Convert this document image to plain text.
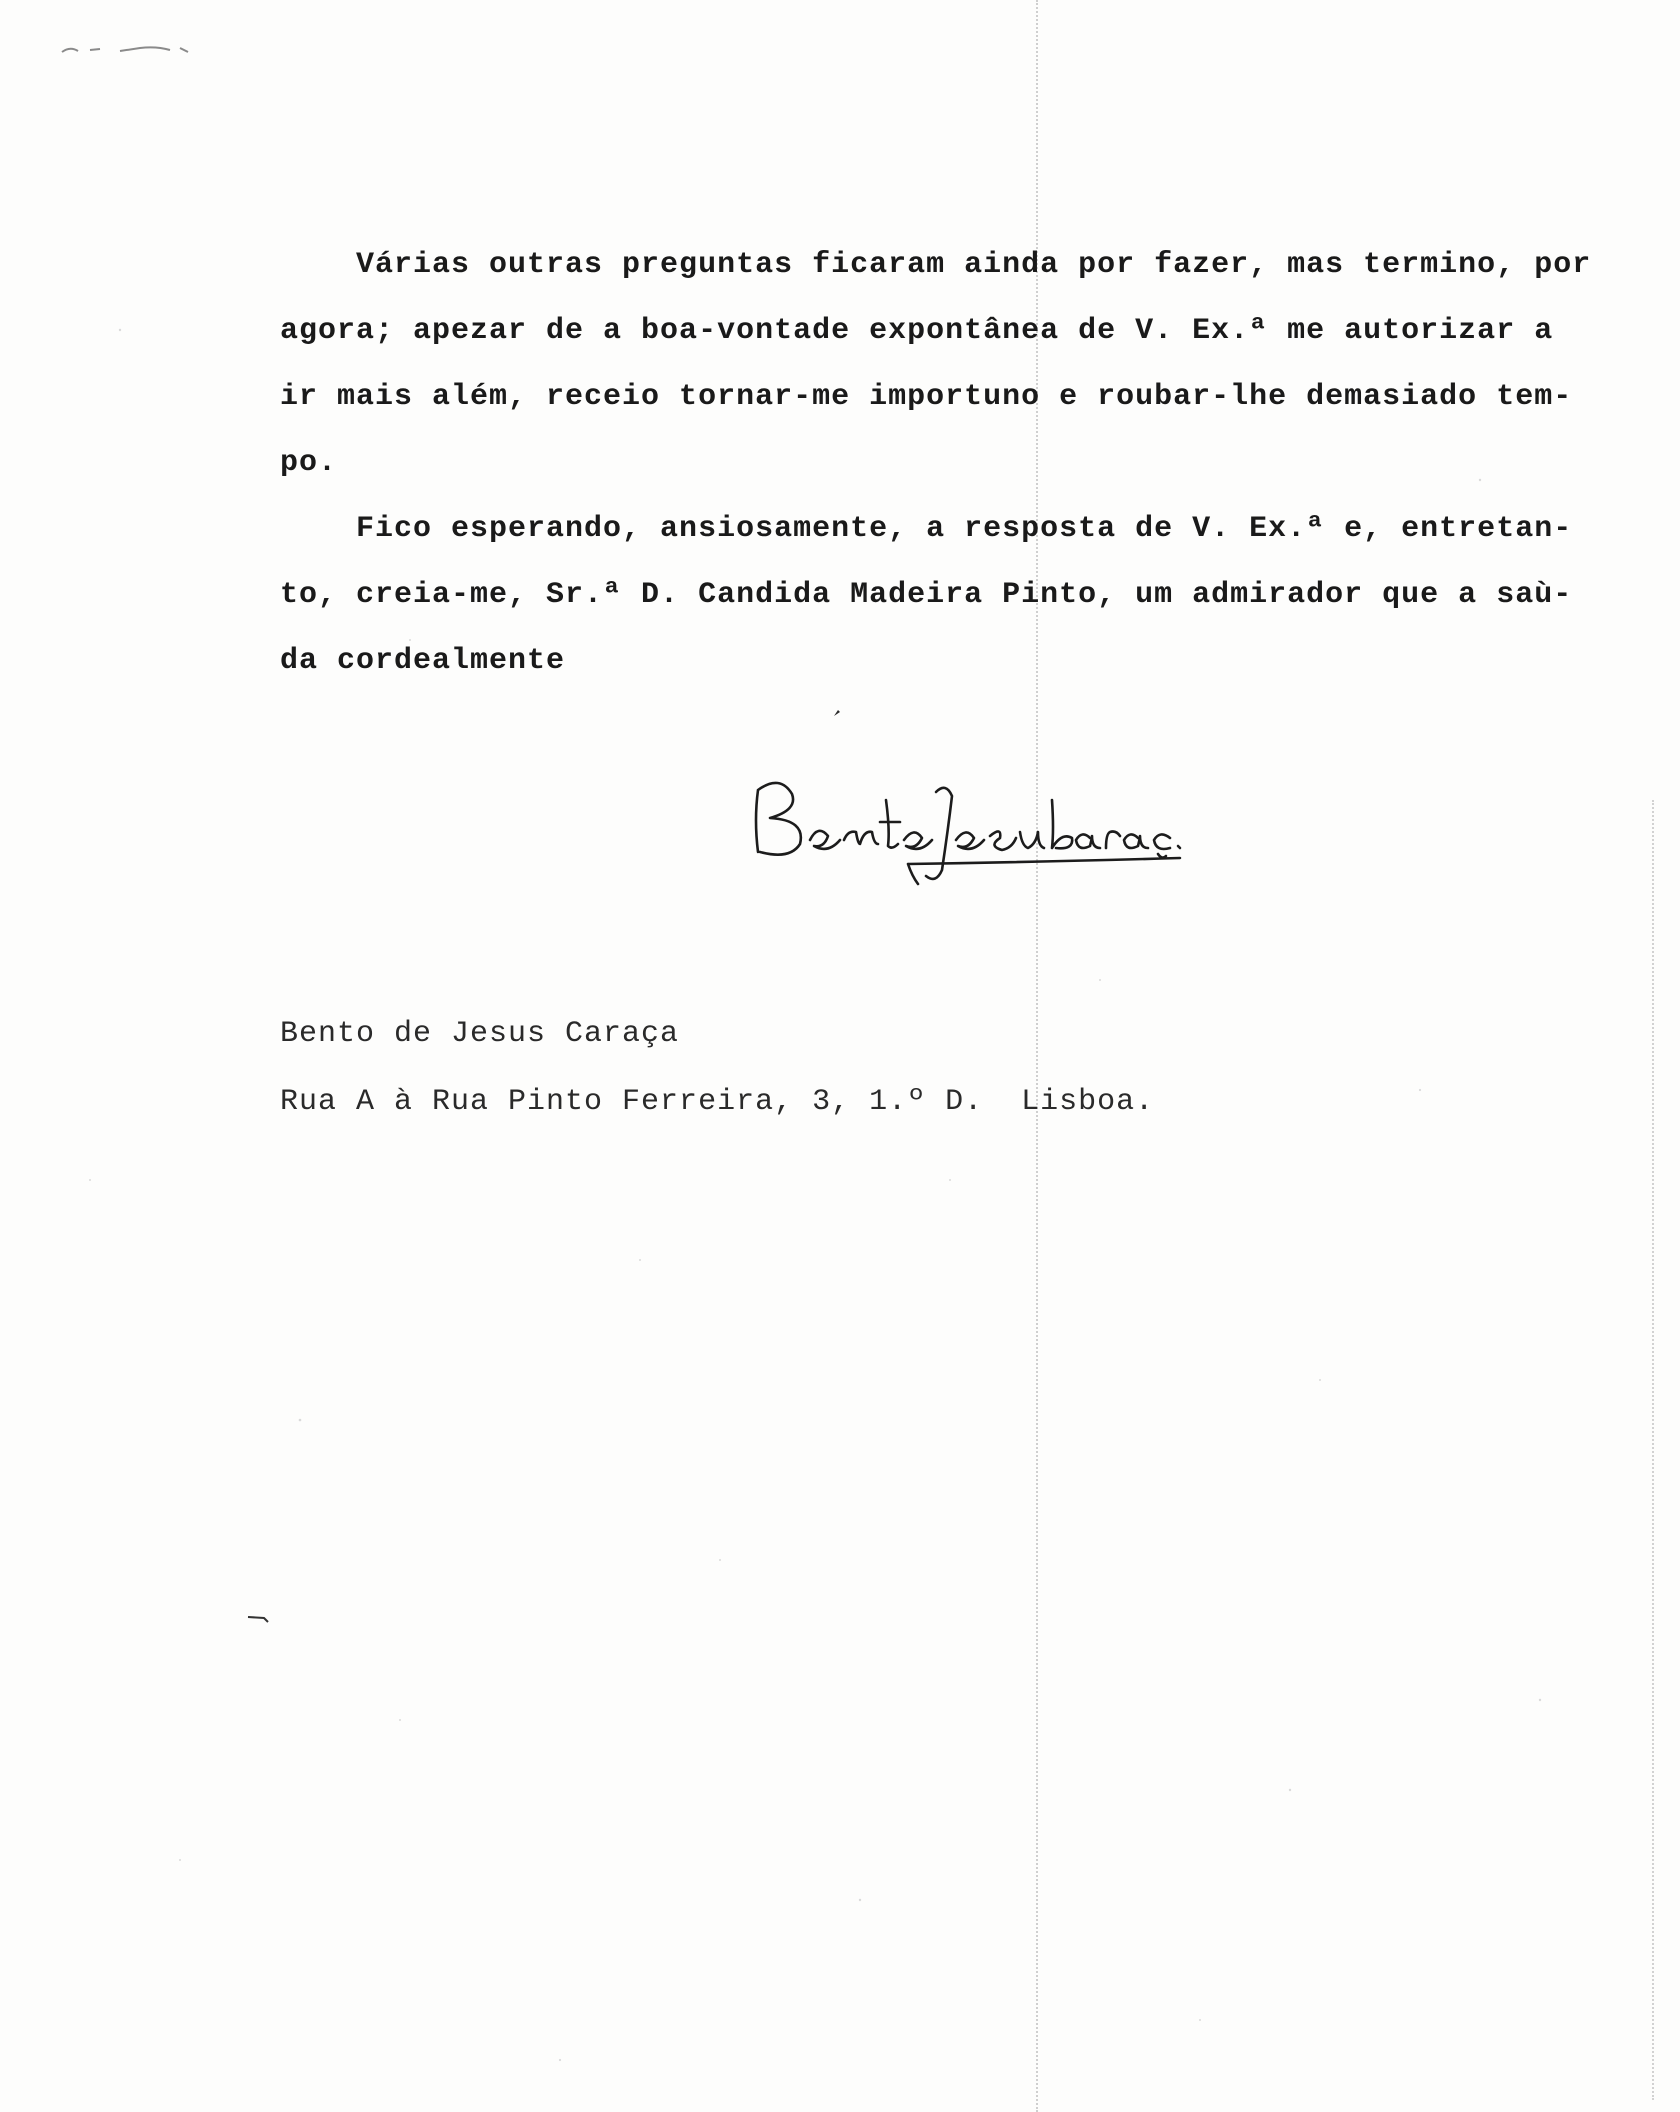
Várias outras preguntas ficaram ainda por fazer, mas termino, por
agora; apezar de a boa-vontade expontânea de V. Ex.ª me autorizar a
ir mais além, receio tornar-me importuno e roubar-lhe demasiado tem-
po.
Fico esperando, ansiosamente, a resposta de V. Ex.ª e, entretan-
to, creia-me, Sr.ª D. Candida Madeira Pinto, um admirador que a saù-
da cordealmente
Bento de Jesus Caraça
Rua A à Rua Pinto Ferreira, 3, 1.º D.  Lisboa.
